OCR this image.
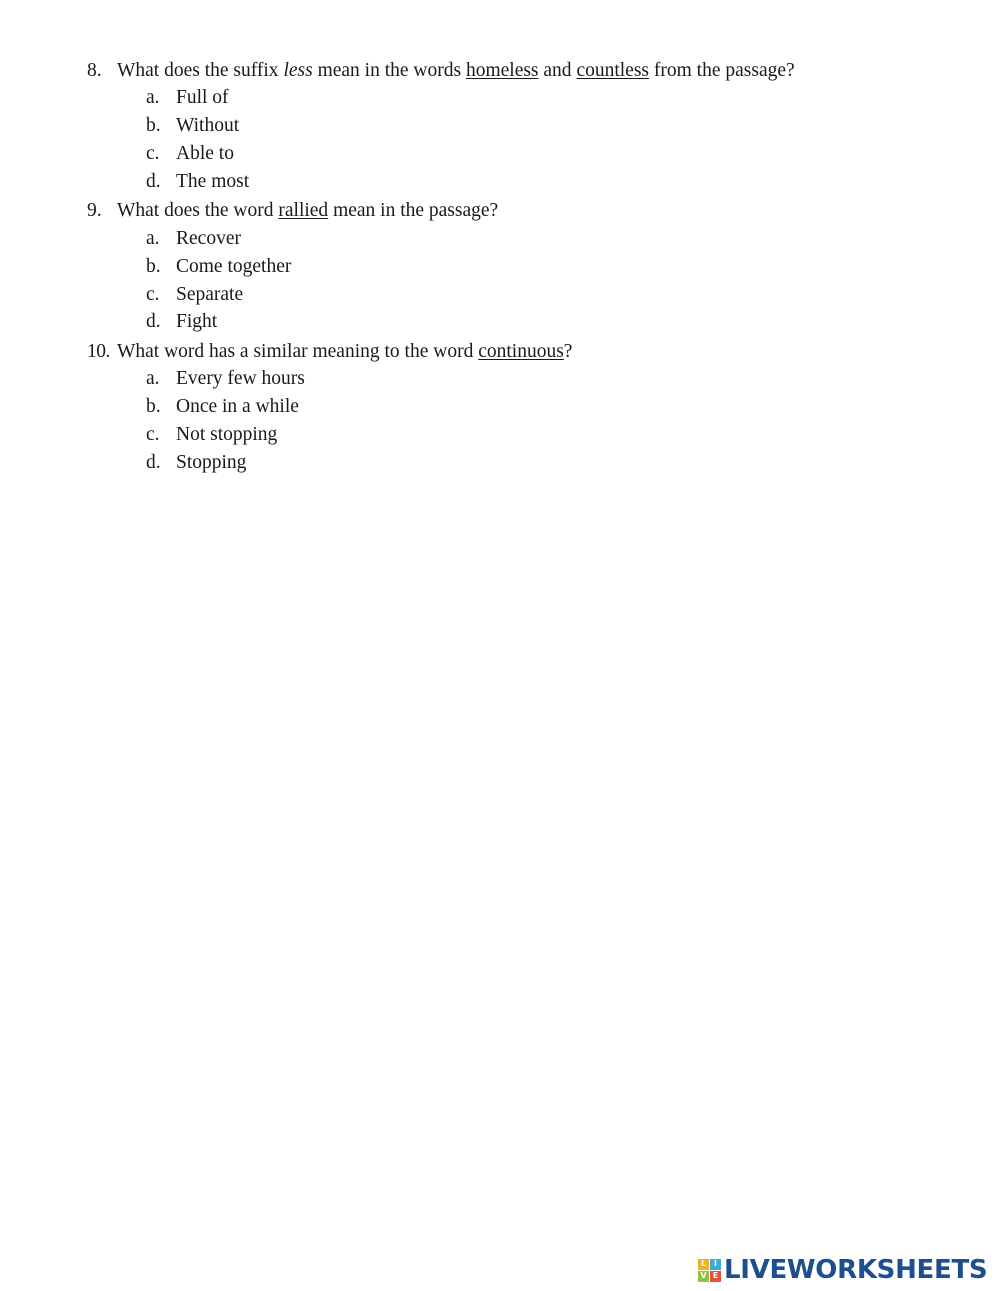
8. What does the suffix less mean in the words homeless and countless from the passage?
a. Full of
b. Without
c. Able to
d. The most
9. What does the word rallied mean in the passage?
a. Recover
b. Come together
c. Separate
d. Fight
10. What word has a similar meaning to the word continuous?
a. Every few hours
b. Once in a while
c. Not stopping
d. Stopping
L I
V E LIVEWORKSHEETS
